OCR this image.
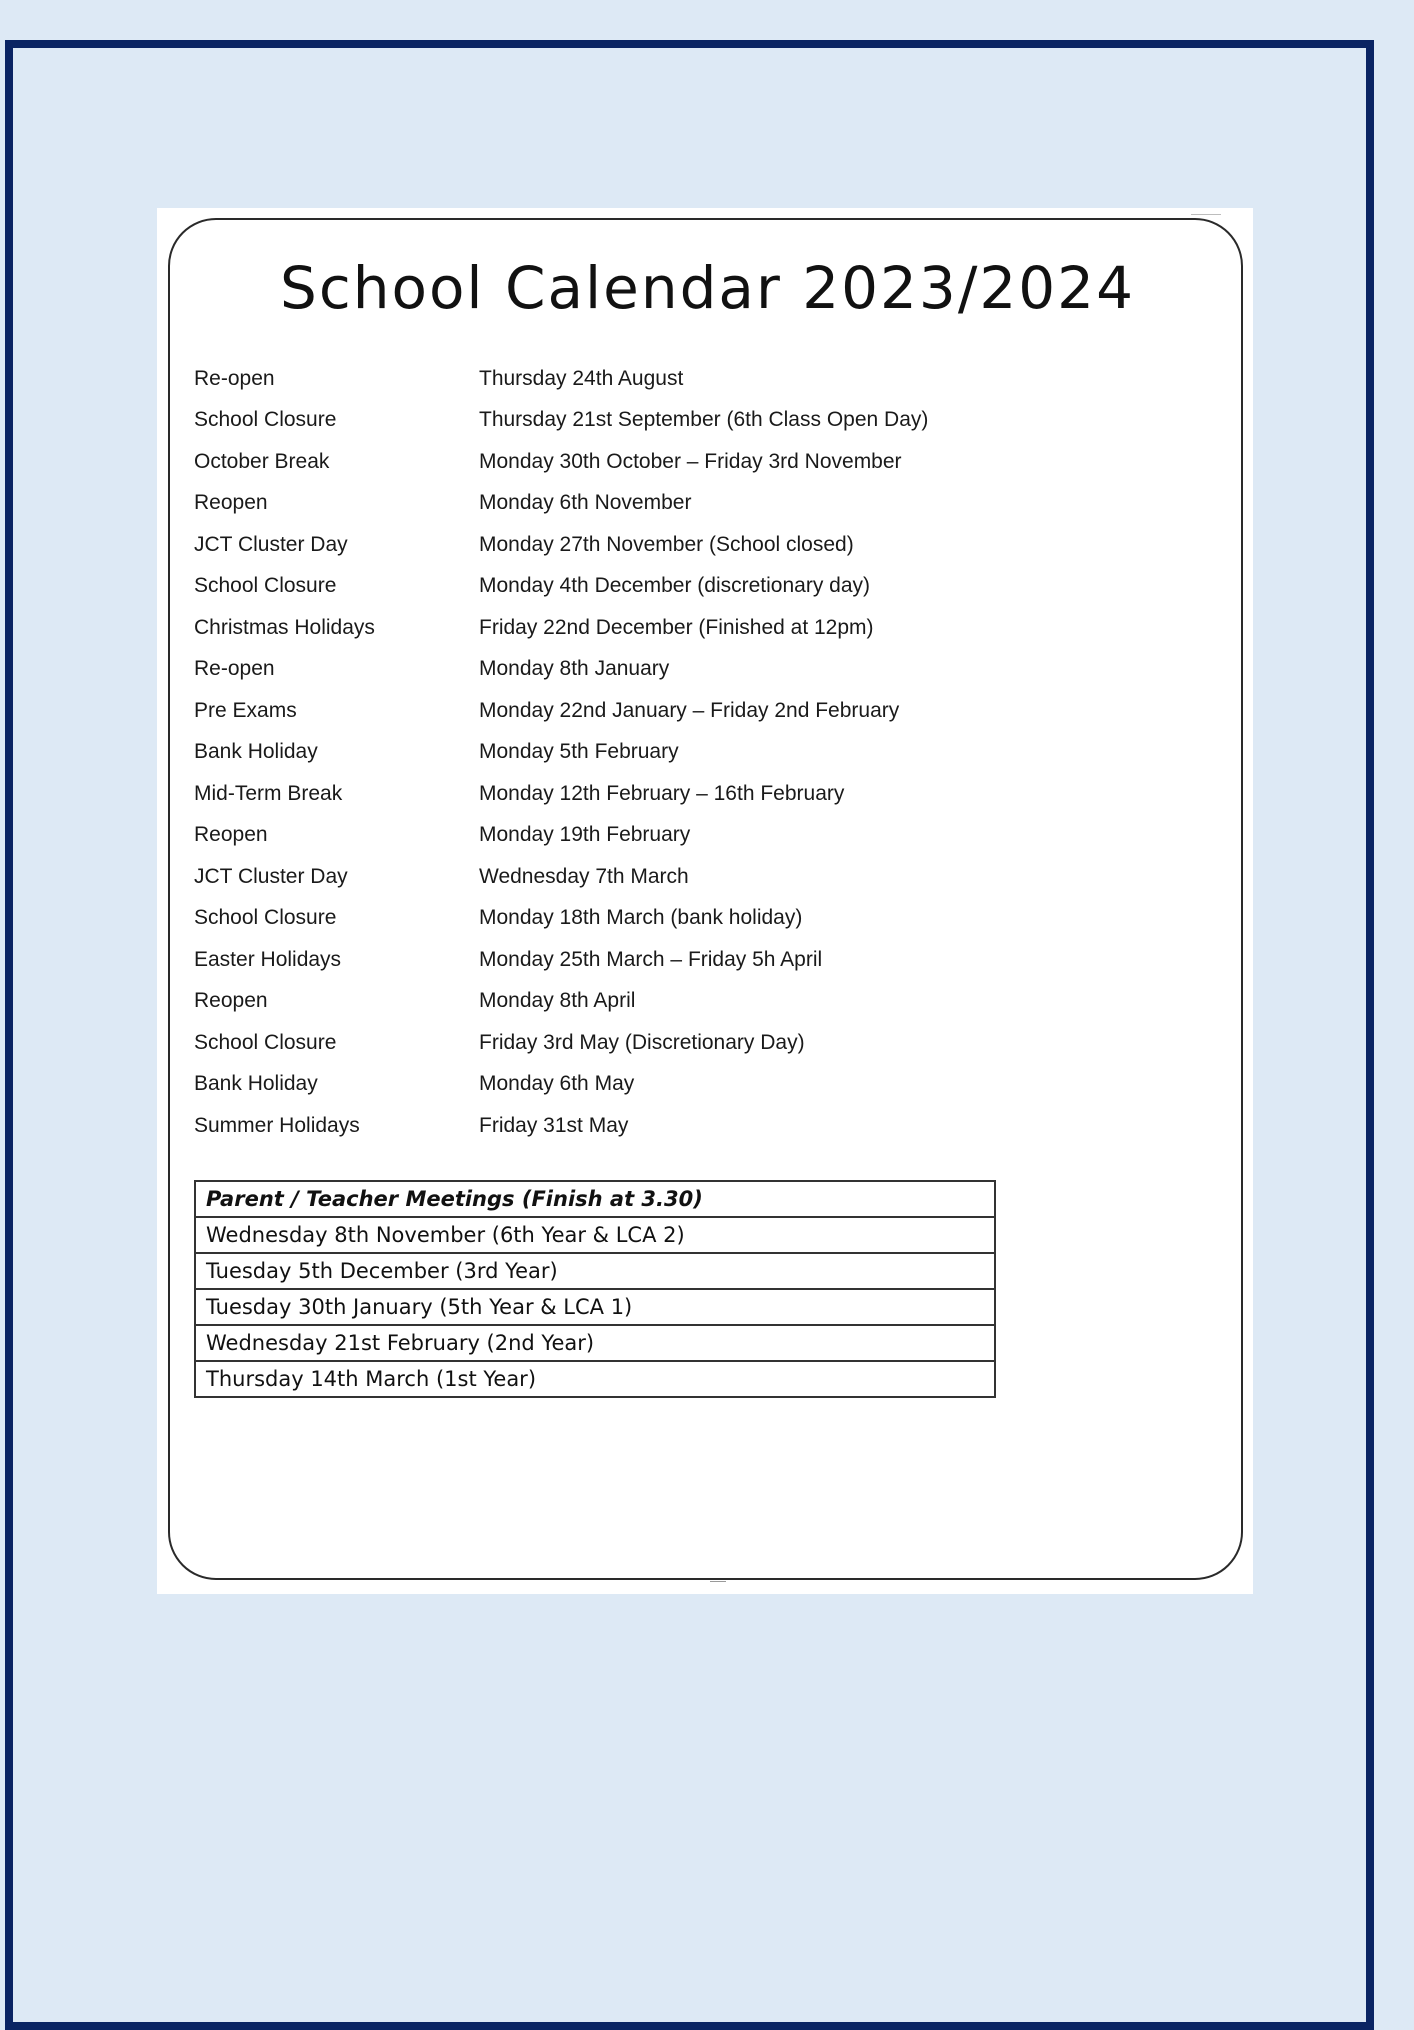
School Calendar 2023/2024
Re-open	Thursday 24th August
School Closure	Thursday 21st September (6th Class Open Day)
October Break	Monday 30th October – Friday 3rd November
Reopen	Monday 6th November
JCT Cluster Day	Monday 27th November (School closed)
School Closure	Monday 4th December (discretionary day)
Christmas Holidays	Friday 22nd December (Finished at 12pm)
Re-open	Monday 8th January
Pre Exams	Monday 22nd January – Friday 2nd February
Bank Holiday	Monday 5th February
Mid-Term Break	Monday 12th February – 16th February
Reopen	Monday 19th February
JCT Cluster Day	Wednesday 7th March
School Closure	Monday 18th March (bank holiday)
Easter Holidays	Monday 25th March – Friday 5h April
Reopen	Monday 8th April
School Closure	Friday 3rd May (Discretionary Day)
Bank Holiday	Monday 6th May
Summer Holidays	Friday 31st May
Parent / Teacher Meetings (Finish at 3.30)
Wednesday 8th November (6th Year & LCA 2)
Tuesday 5th December (3rd Year)
Tuesday 30th January (5th Year & LCA 1)
Wednesday 21st February (2nd Year)
Thursday 14th March (1st Year)
